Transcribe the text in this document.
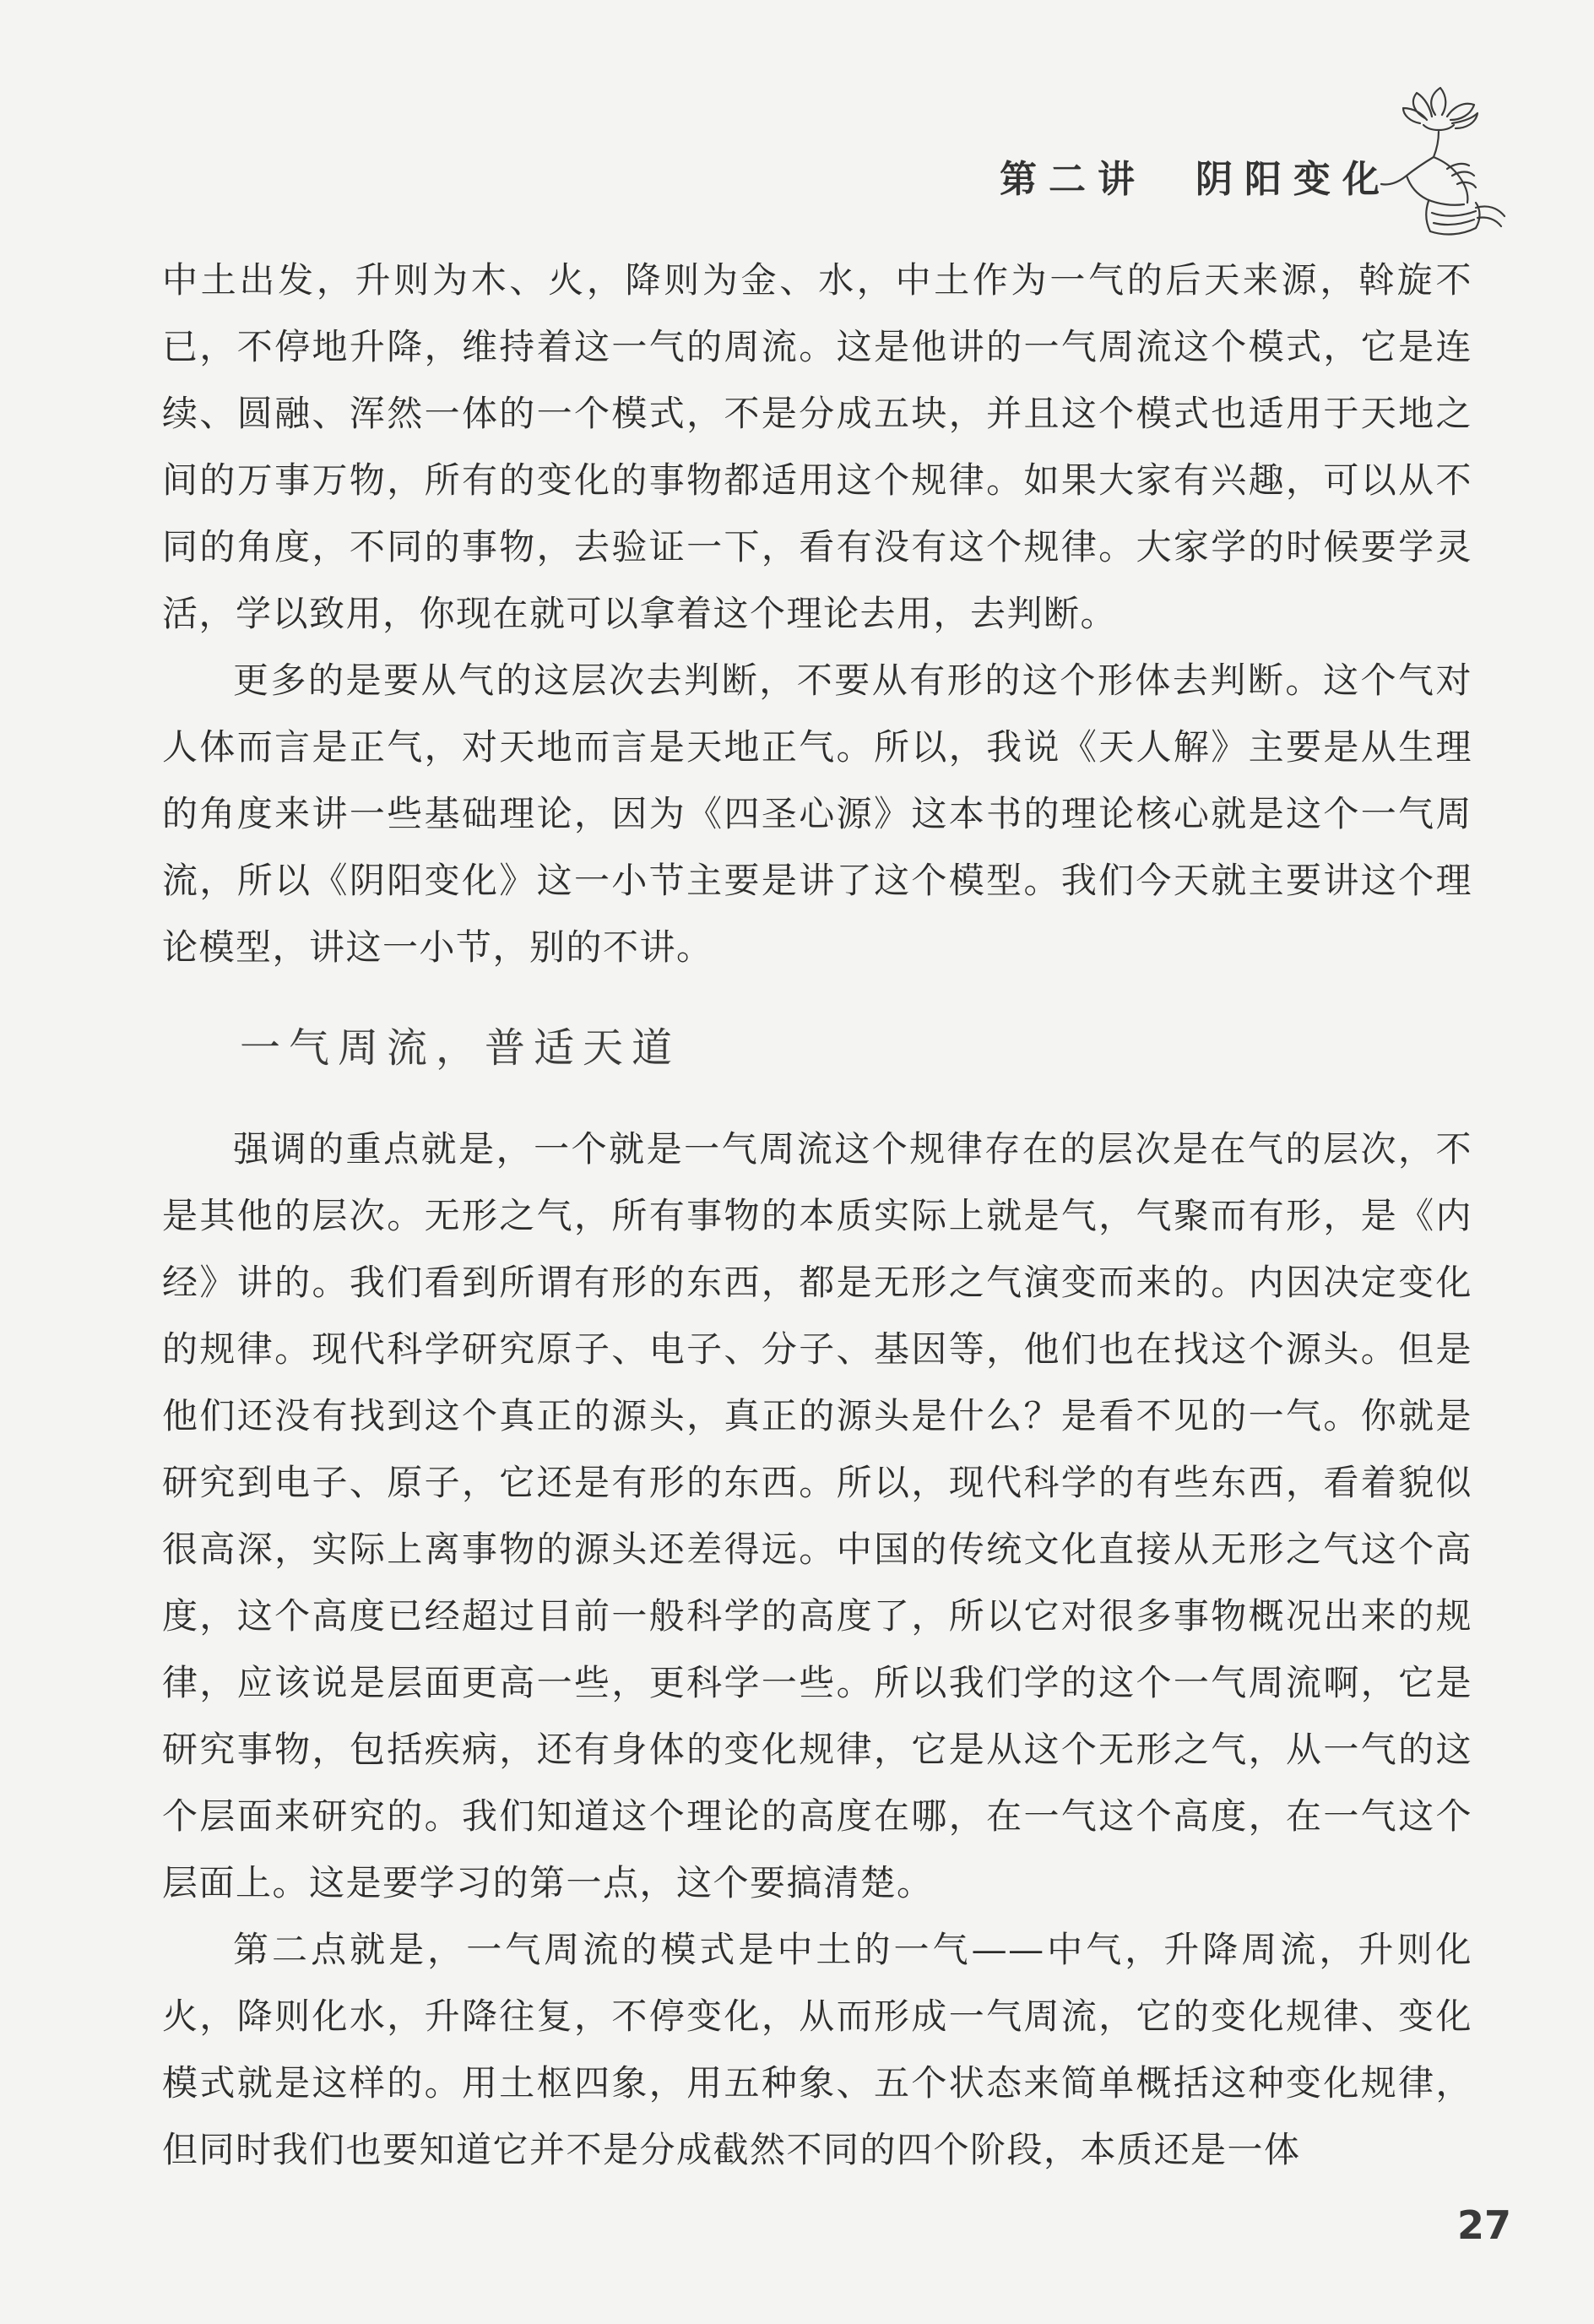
第二讲 阴阳变化

中土出发，升则为木、火，降则为金、水，中土作为一气的后天来源，斡旋不已，不停地升降，维持着这一气的周流。这是他讲的一气周流这个模式，它是连续、圆融、浑然一体的一个模式，不是分成五块，并且这个模式也适用于天地之间的万事万物，所有的变化的事物都适用这个规律。如果大家有兴趣，可以从不同的角度，不同的事物，去验证一下，看有没有这个规律。大家学的时候要学灵活，学以致用，你现在就可以拿着这个理论去用，去判断。

更多的是要从气的这层次去判断，不要从有形的这个形体去判断。这个气对人体而言是正气，对天地而言是天地正气。所以，我说《天人解》主要是从生理的角度来讲一些基础理论，因为《四圣心源》这本书的理论核心就是这个一气周流，所以《阴阳变化》这一小节主要是讲了这个模型。我们今天就主要讲这个理论模型，讲这一小节，别的不讲。

一气周流，普适天道

强调的重点就是，一个就是一气周流这个规律存在的层次是在气的层次，不是其他的层次。无形之气，所有事物的本质实际上就是气，气聚而有形，是《内经》讲的。我们看到所谓有形的东西，都是无形之气演变而来的。内因决定变化的规律。现代科学研究原子、电子、分子、基因等，他们也在找这个源头。但是他们还没有找到这个真正的源头，真正的源头是什么？是看不见的一气。你就是研究到电子、原子，它还是有形的东西。所以，现代科学的有些东西，看着貌似很高深，实际上离事物的源头还差得远。中国的传统文化直接从无形之气这个高度，这个高度已经超过目前一般科学的高度了，所以它对很多事物概况出来的规律，应该说是层面更高一些，更科学一些。所以我们学的这个一气周流啊，它是研究事物，包括疾病，还有身体的变化规律，它是从这个无形之气，从一气的这个层面来研究的。我们知道这个理论的高度在哪，在一气这个高度，在一气这个层面上。这是要学习的第一点，这个要搞清楚。

第二点就是，一气周流的模式是中土的一气——中气，升降周流，升则化火，降则化水，升降往复，不停变化，从而形成一气周流，它的变化规律、变化模式就是这样的。用土枢四象，用五种象、五个状态来简单概括这种变化规律，但同时我们也要知道它并不是分成截然不同的四个阶段，本质还是一体

27
